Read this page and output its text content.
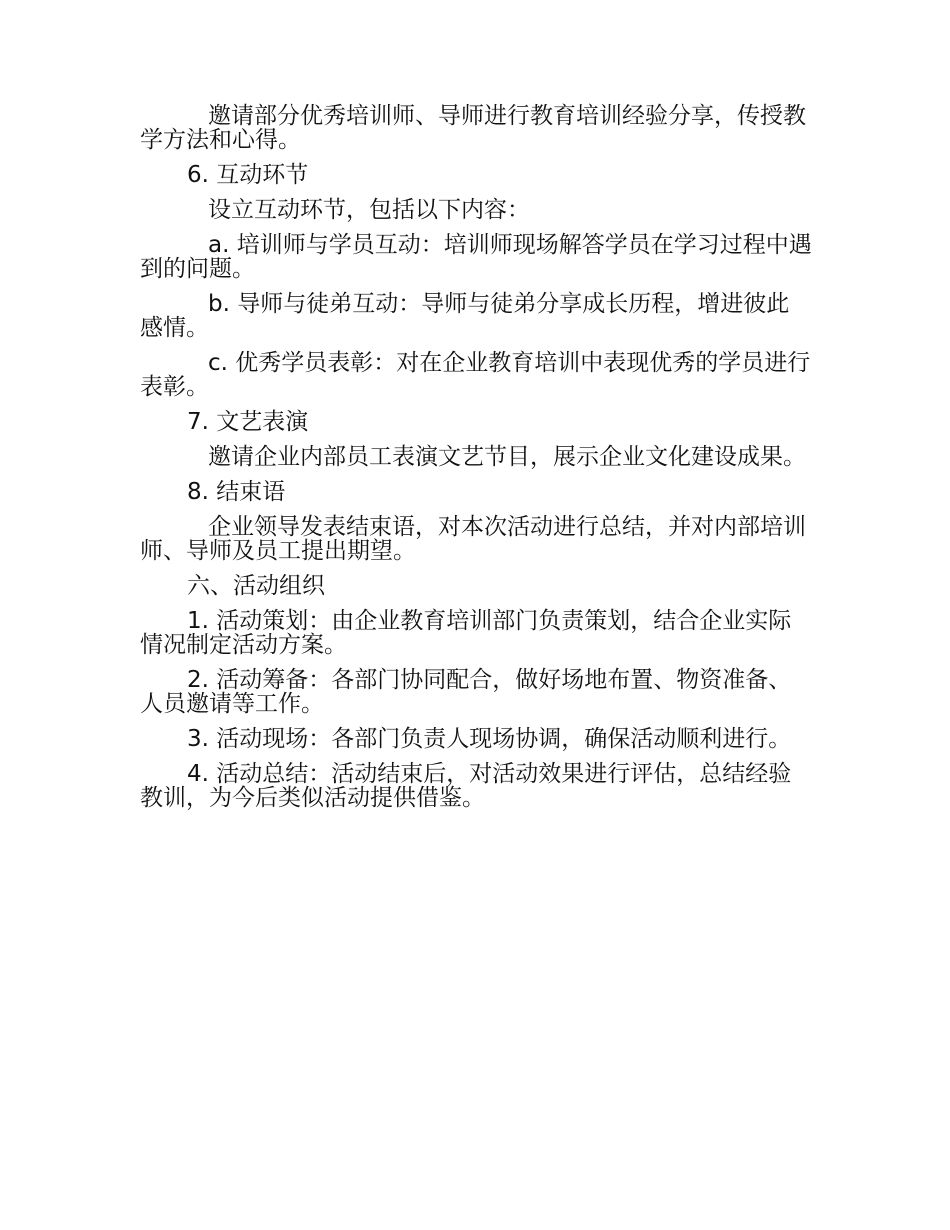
邀请部分优秀培训师、导师进行教育培训经验分享，传授教学方法和心得。

6. 互动环节

设立互动环节，包括以下内容：

a. 培训师与学员互动：培训师现场解答学员在学习过程中遇到的问题。

b. 导师与徒弟互动：导师与徒弟分享成长历程，增进彼此感情。

c. 优秀学员表彰：对在企业教育培训中表现优秀的学员进行表彰。

7. 文艺表演

邀请企业内部员工表演文艺节目，展示企业文化建设成果。

8. 结束语

企业领导发表结束语，对本次活动进行总结，并对内部培训师、导师及员工提出期望。

六、活动组织

1. 活动策划：由企业教育培训部门负责策划，结合企业实际情况制定活动方案。

2. 活动筹备：各部门协同配合，做好场地布置、物资准备、人员邀请等工作。

3. 活动现场：各部门负责人现场协调，确保活动顺利进行。

4. 活动总结：活动结束后，对活动效果进行评估，总结经验教训，为今后类似活动提供借鉴。
